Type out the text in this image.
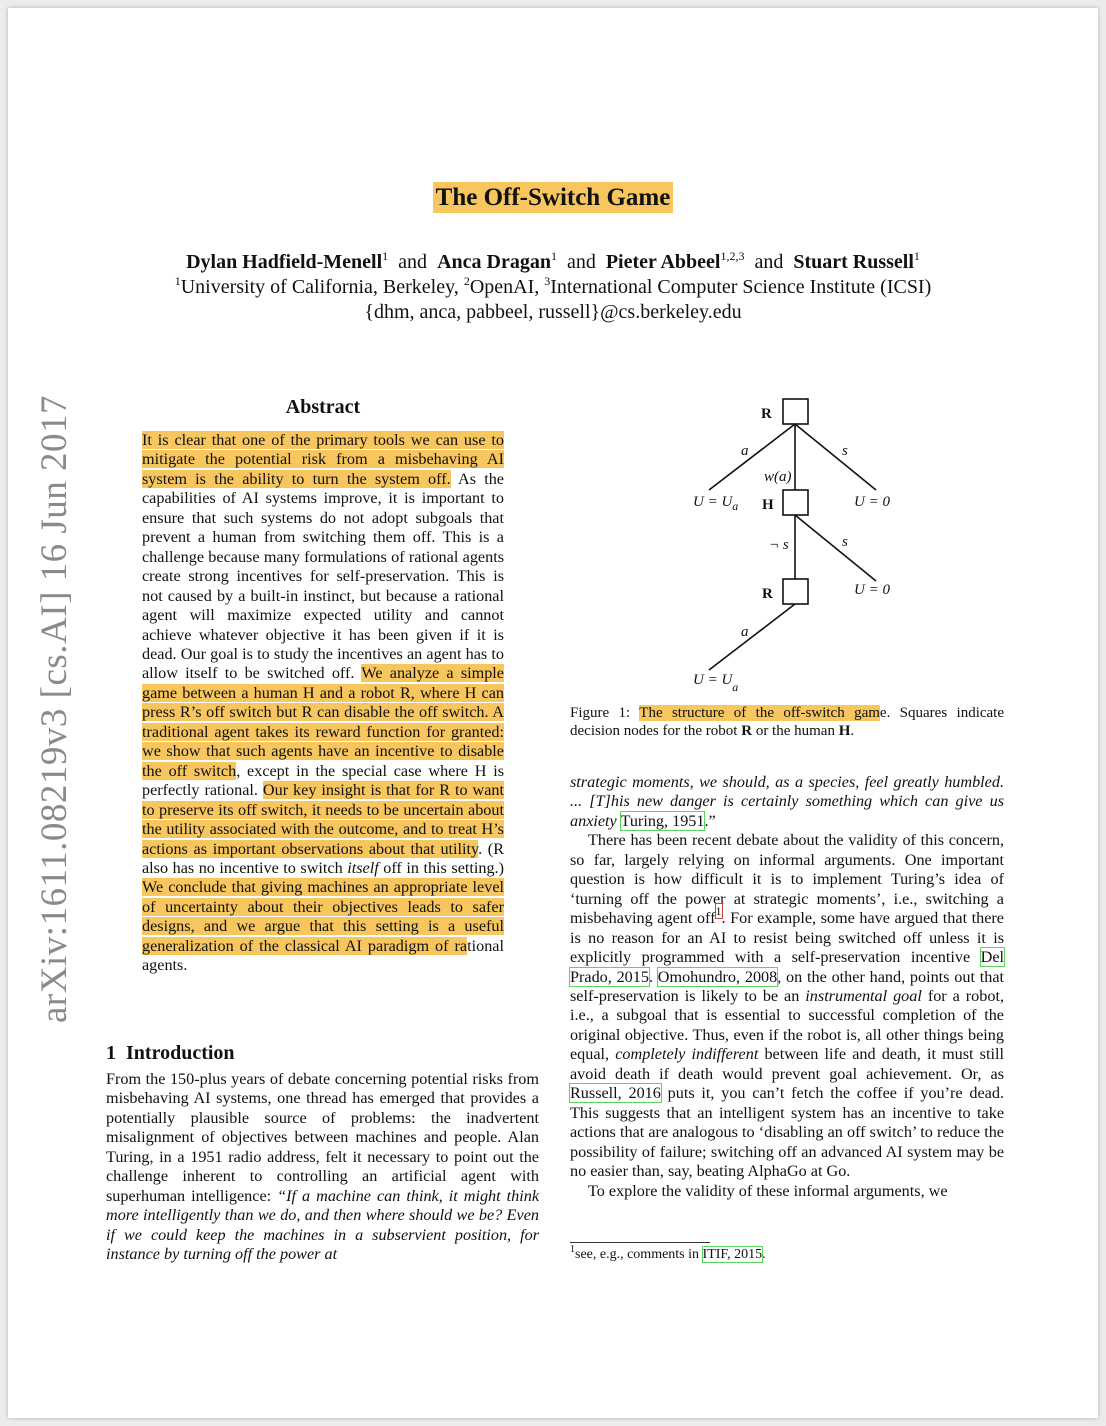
arXiv:1611.08219v3 [cs.AI] 16 Jun 2017
The Off-Switch Game
Dylan Hadfield-Menell$^1$ and Anca Dragan$^1$ and Pieter Abbeel$^{1,2,3}$ and Stuart Russell$^1$
$^1$University of California, Berkeley, $^2$OpenAI, $^3$International Computer Science Institute (ICSI)
{dhm, anca, pabbeel, russell}@cs.berkeley.edu
Abstract
It is clear that one of the primary tools we can use to mitigate the potential risk from a misbehaving AI system is the ability to turn the system off. As the capabilities of AI systems improve, it is important to ensure that such systems do not adopt subgoals that prevent a human from switching them off. This is a challenge because many formulations of rational agents create strong incentives for self-preservation. This is not caused by a built-in instinct, but because a rational agent will maximize expected utility and cannot achieve whatever objective it has been given if it is dead. Our goal is to study the incentives an agent has to allow itself to be switched off. We analyze a simple game between a human H and a robot R, where H can press R’s off switch but R can disable the off switch. A traditional agent takes its reward function for granted: we show that such agents have an incentive to disable the off switch, except in the special case where H is perfectly rational. Our key insight is that for R to want to preserve its off switch, it needs to be uncertain about the utility associated with the outcome, and to treat H’s actions as important observations about that utility. (R also has no incentive to switch itself off in this setting.) We conclude that giving machines an appropriate level of uncertainty about their objectives leads to safer designs, and we argue that this setting is a useful generalization of the classical AI paradigm of rational agents.
1 Introduction
From the 150-plus years of debate concerning potential risks from misbehaving AI systems, one thread has emerged that provides a potentially plausible source of problems: the inadvertent misalignment of objectives between machines and people. Alan Turing, in a 1951 radio address, felt it necessary to point out the challenge inherent to controlling an artificial agent with superhuman intelligence: “If a machine can think, it might think more intelligently than we do, and then where should we be? Even if we could keep the machines in a subservient position, for instance by turning off the power at
R
H
R
a	s
w(a)
$U = U_a$	U = 0
¬ s	s
U = 0
a
$U = U_a$
Figure 1: The structure of the off-switch game. Squares indicate decision nodes for the robot R or the human H.

strategic moments, we should, as a species, feel greatly humbled. ... [T]his new danger is certainly something which can give us anxiety Turing, 1951.”

There has been recent debate about the validity of this concern, so far, largely relying on informal arguments. One important question is how difficult it is to implement Turing’s idea of ‘turning off the power at strategic moments’, i.e., switching a misbehaving agent off$^1$. For example, some have argued that there is no reason for an AI to resist being switched off unless it is explicitly programmed with a self-preservation incentive Del Prado, 2015. Omohundro, 2008, on the other hand, points out that self-preservation is likely to be an instrumental goal for a robot, i.e., a subgoal that is essential to successful completion of the original objective. Thus, even if the robot is, all other things being equal, completely indifferent between life and death, it must still avoid death if death would prevent goal achievement. Or, as Russell, 2016 puts it, you can’t fetch the coffee if you’re dead. This suggests that an intelligent system has an incentive to take actions that are analogous to ‘disabling an off switch’ to reduce the possibility of failure; switching off an advanced AI system may be no easier than, say, beating AlphaGo at Go.

To explore the validity of these informal arguments, we

$^1$see, e.g., comments in ITIF, 2015.
